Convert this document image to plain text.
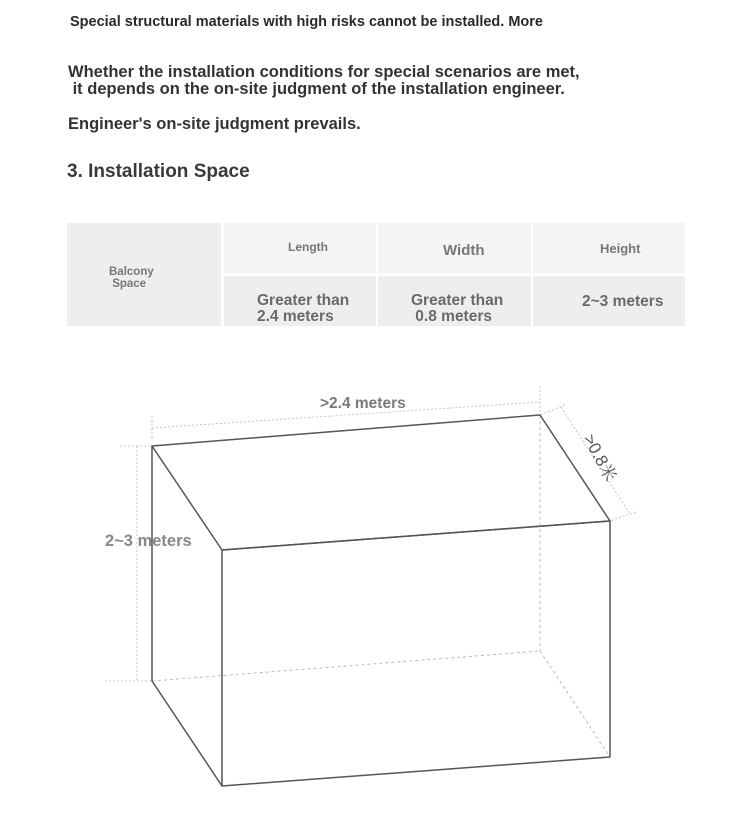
Special structural materials with high risks cannot be installed. More
Whether the installation conditions for special scenarios are met,
it depends on the on-site judgment of the installation engineer.
Engineer's on-site judgment prevails.
3. Installation Space
Balcony
Space
Length	Width	Height
Greater than
2.4 meters
Greater than
0.8 meters
2~3 meters
>2.4 meters
2~3 meters
>0.8米
